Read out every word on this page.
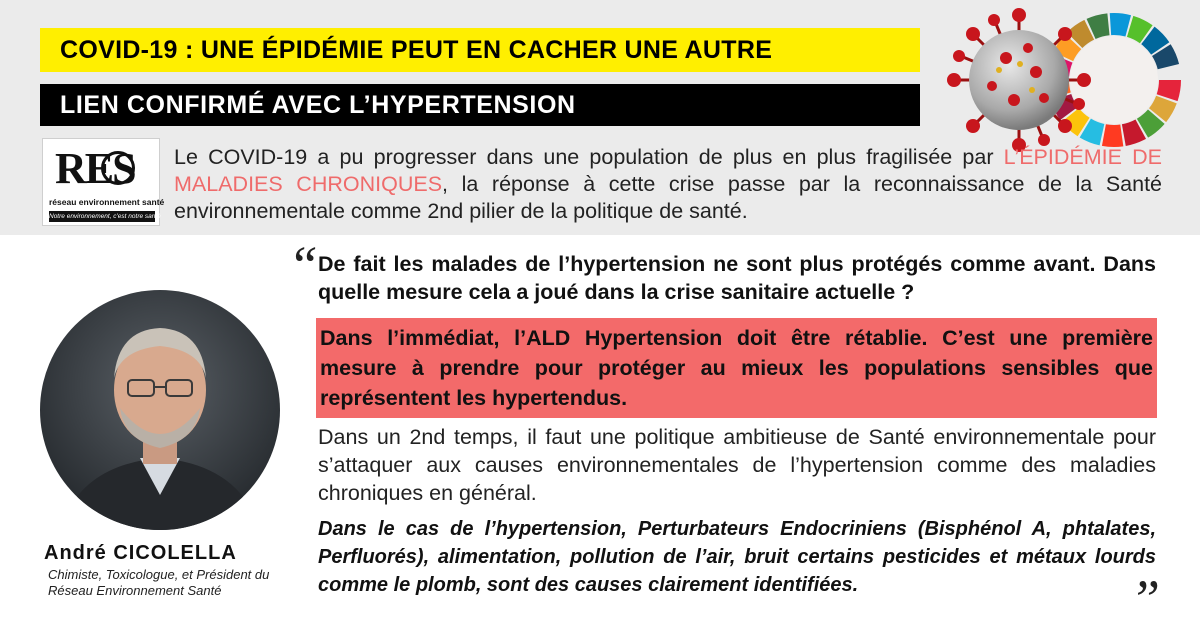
COVID-19 : UNE ÉPIDÉMIE PEUT EN CACHER UNE AUTRE
LIEN CONFIRMÉ AVEC L’HYPERTENSION
RES
réseau environnement santé
Notre environnement, c'est notre santé

Le COVID-19 a pu progresser dans une population de plus en plus fragilisée par L’ÉPIDÉMIE DE MALADIES CHRONIQUES, la réponse à cette crise passe par la reconnaissance de la Santé environnementale comme 2nd pilier de la politique de santé.

André CICOLELLA
Chimiste, Toxicologue, et Président du Réseau Environnement Santé
“ De fait les malades de l’hypertension ne sont plus protégés comme avant. Dans quelle mesure cela a joué dans la crise sanitaire actuelle ?

Dans l’immédiat, l’ALD Hypertension doit être rétablie. C’est une première mesure à prendre pour protéger au mieux les populations sensibles que représentent les hypertendus.

Dans un 2nd temps, il faut une politique ambitieuse de Santé environnementale pour s’attaquer aux causes environnementales de l’hypertension comme des maladies chroniques en général.

Dans le cas de l’hypertension, Perturbateurs Endocriniens (Bisphénol A, phtalates, Perfluorés), alimentation, pollution de l’air, bruit certains pesticides et métaux lourds comme le plomb, sont des causes clairement identifiées.	”
